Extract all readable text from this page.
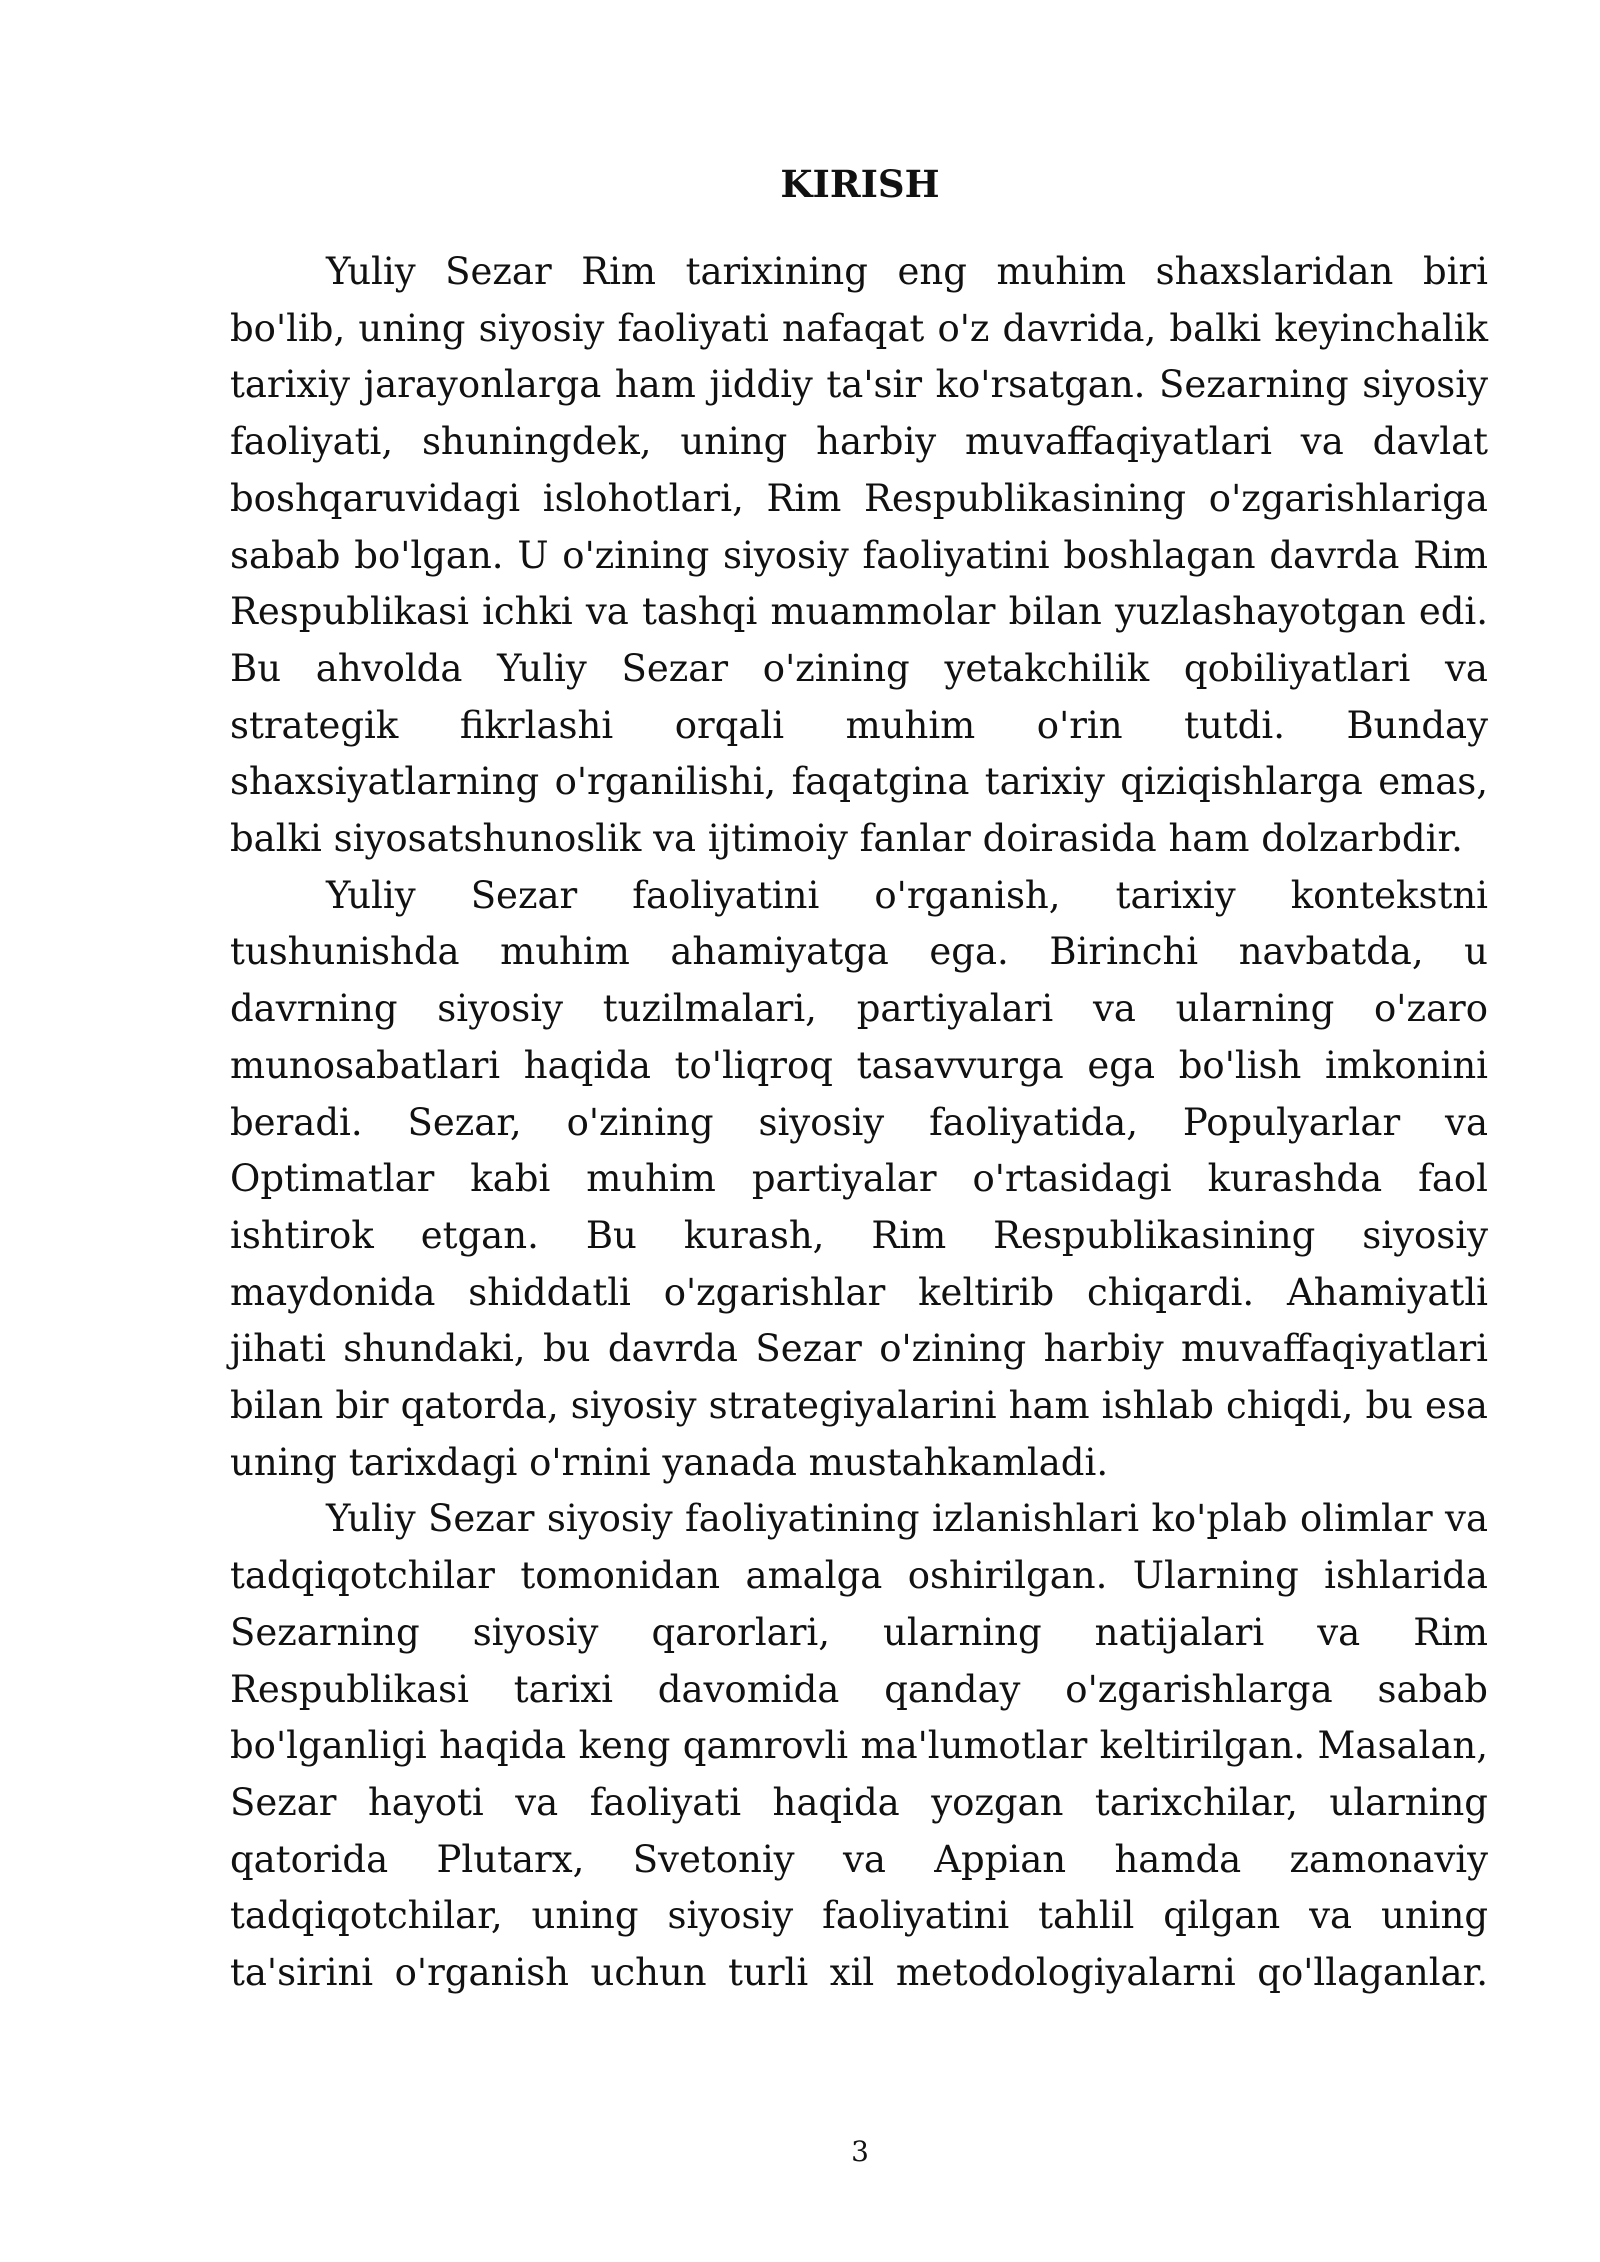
KIRISH

Yuliy Sezar Rim tarixining eng muhim shaxslaridan biri bo'lib, uning siyosiy faoliyati nafaqat o'z davrida, balki keyinchalik tarixiy jarayonlarga ham jiddiy ta'sir ko'rsatgan. Sezarning siyosiy faoliyati, shuningdek, uning harbiy muvaffaqiyatlari va davlat boshqaruvidagi islohotlari, Rim Respublikasining o'zgarishlariga sabab bo'lgan. U o'zining siyosiy faoliyatini boshlagan davrda Rim Respublikasi ichki va tashqi muammolar bilan yuzlashayotgan edi. Bu ahvolda Yuliy Sezar o'zining yetakchilik qobiliyatlari va strategik fikrlashi orqali muhim o'rin tutdi. Bunday shaxsiyatlarning o'rganilishi, faqatgina tarixiy qiziqishlarga emas, balki siyosatshunoslik va ijtimoiy fanlar doirasida ham dolzarbdir.

Yuliy Sezar faoliyatini o'rganish, tarixiy kontekstni tushunishda muhim ahamiyatga ega. Birinchi navbatda, u davrning siyosiy tuzilmalari, partiyalari va ularning o'zaro munosabatlari haqida to'liqroq tasavvurga ega bo'lish imkonini beradi. Sezar, o'zining siyosiy faoliyatida, Populyarlar va Optimatlar kabi muhim partiyalar o'rtasidagi kurashda faol ishtirok etgan. Bu kurash, Rim Respublikasining siyosiy maydonida shiddatli o'zgarishlar keltirib chiqardi. Ahamiyatli jihati shundaki, bu davrda Sezar o'zining harbiy muvaffaqiyatlari bilan bir qatorda, siyosiy strategiyalarini ham ishlab chiqdi, bu esa uning tarixdagi o'rnini yanada mustahkamladi.

Yuliy Sezar siyosiy faoliyatining izlanishlari ko'plab olimlar va tadqiqotchilar tomonidan amalga oshirilgan. Ularning ishlarida Sezarning siyosiy qarorlari, ularning natijalari va Rim Respublikasi tarixi davomida qanday o'zgarishlarga sabab bo'lganligi haqida keng qamrovli ma'lumotlar keltirilgan. Masalan, Sezar hayoti va faoliyati haqida yozgan tarixchilar, ularning qatorida Plutarx, Svetoniy va Appian hamda zamonaviy tadqiqotchilar, uning siyosiy faoliyatini tahlil qilgan va uning ta'sirini o'rganish uchun turli xil metodologiyalarni qo'llaganlar.

3
